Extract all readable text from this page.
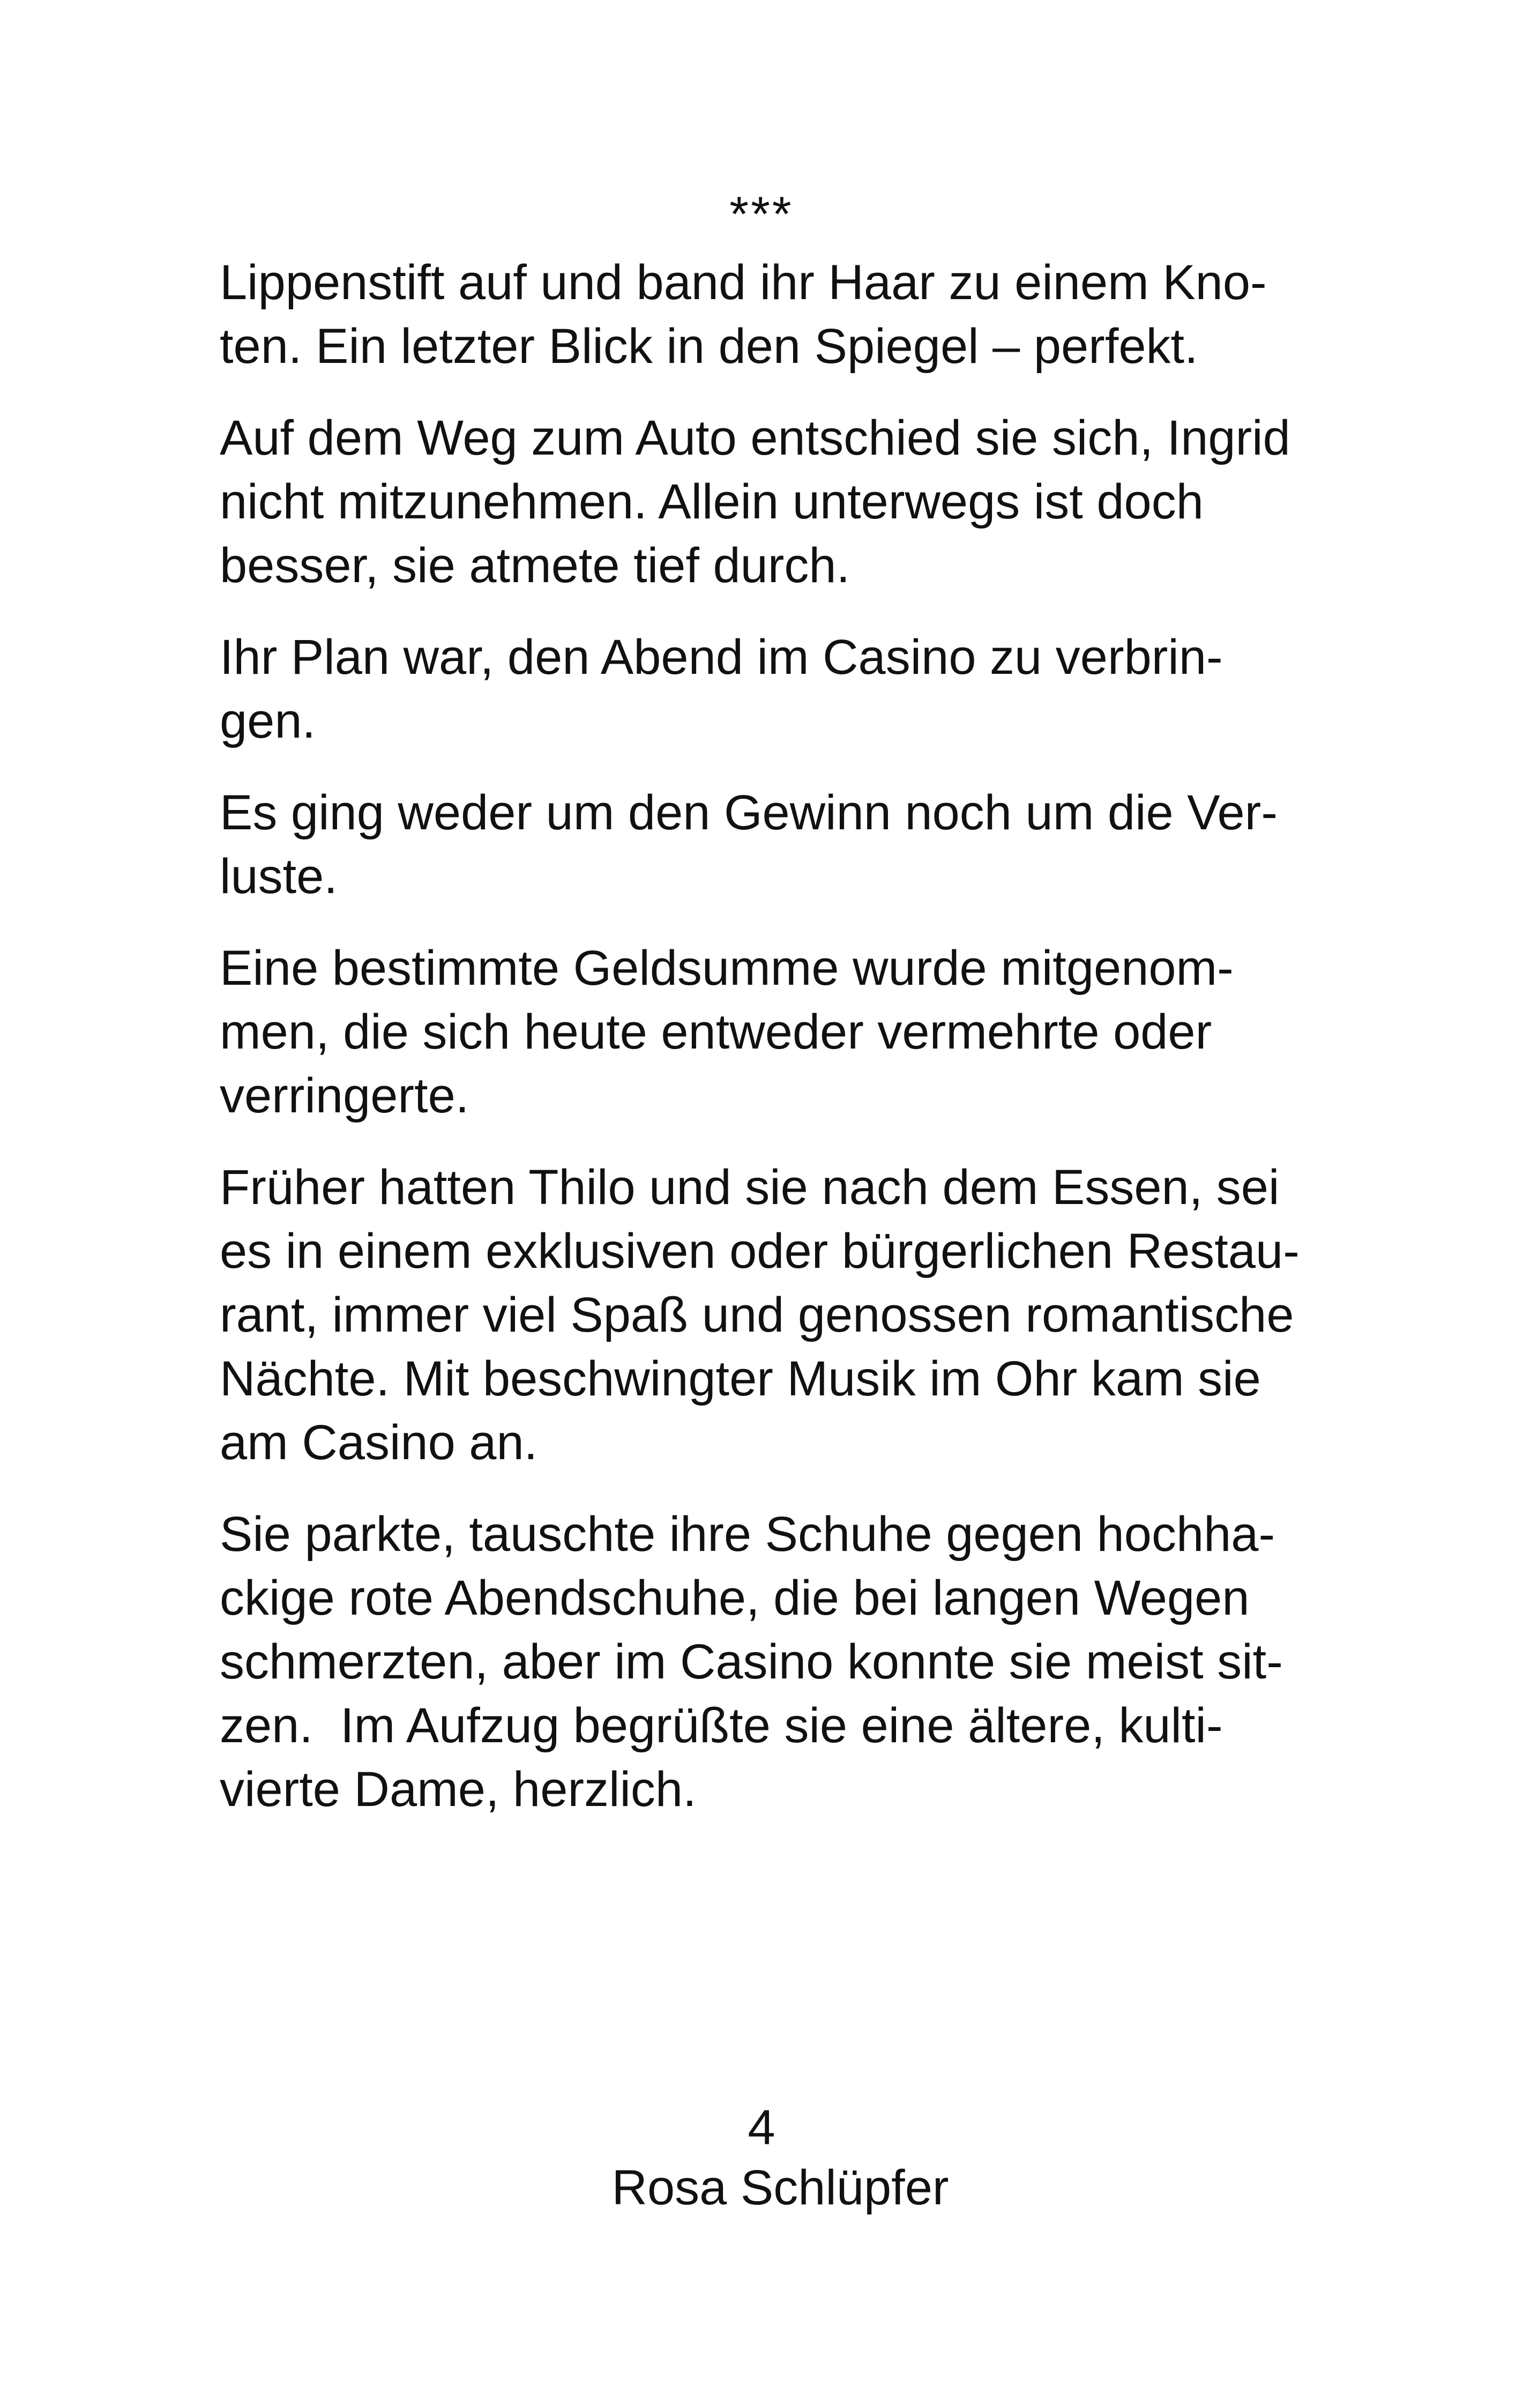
***

Lippenstift auf und band ihr Haar zu einem Kno-
ten. Ein letzter Blick in den Spiegel – perfekt.

Auf dem Weg zum Auto entschied sie sich, Ingrid
nicht mitzunehmen. Allein unterwegs ist doch
besser, sie atmete tief durch.

Ihr Plan war, den Abend im Casino zu verbrin-
gen.

Es ging weder um den Gewinn noch um die Ver-
luste.

Eine bestimmte Geldsumme wurde mitgenom-
men, die sich heute entweder vermehrte oder
verringerte.

Früher hatten Thilo und sie nach dem Essen, sei
es in einem exklusiven oder bürgerlichen Restau-
rant, immer viel Spaß und genossen romantische
Nächte. Mit beschwingter Musik im Ohr kam sie
am Casino an.

Sie parkte, tauschte ihre Schuhe gegen hochha-
ckige rote Abendschuhe, die bei langen Wegen
schmerzten, aber im Casino konnte sie meist sit-
zen.  Im Aufzug begrüßte sie eine ältere, kulti-
vierte Dame, herzlich.

4
Rosa Schlüpfer
